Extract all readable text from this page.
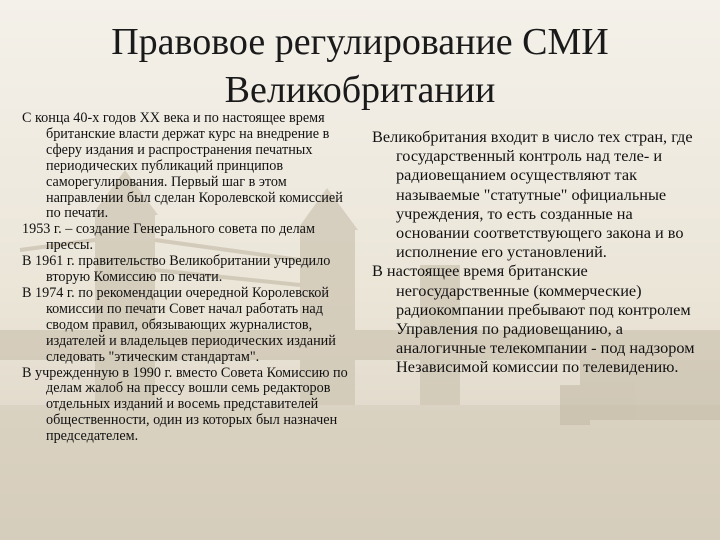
Правовое регулирование СМИ
Великобритании

С конца 40-х годов XX века и по настоящее время британские власти держат курс на внедрение в сферу издания и распространения печатных периодических публикаций принципов саморегулирования. Первый шаг в этом направлении был сделан Королевской комиссией по печати.

1953 г. – создание Генерального совета по делам прессы.

В 1961 г. правительство Великобритании учредило вторую Комиссию по печати.

В 1974 г. по рекомендации очередной Королевской комиссии по печати Совет начал работать над сводом правил, обязывающих журналистов, издателей и владельцев периодических изданий следовать "этическим стандартам".

В учрежденную в 1990 г. вместо Совета Комиссию по делам жалоб на прессу вошли семь редакторов отдельных изданий и восемь представителей общественности, один из которых был назначен председателем.

Великобритания входит в число тех стран, где государственный контроль над теле- и радиовещанием осуществляют так называемые "статутные" официальные учреждения, то есть созданные на основании соответствующего закона и во исполнение его установлений.

В настоящее время британские негосударственные (коммерческие) радиокомпании пребывают под контролем Управления по радиовещанию, а аналогичные телекомпании - под надзором Независимой комиссии по телевидению.
